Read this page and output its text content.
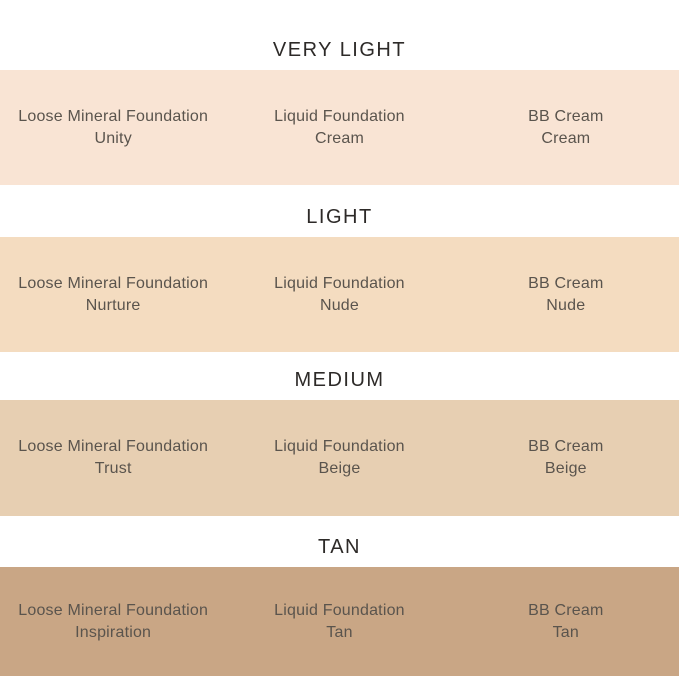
VERY LIGHT
Loose Mineral Foundation
Unity
Liquid Foundation
Cream
BB Cream
Cream
LIGHT
Loose Mineral Foundation
Nurture
Liquid Foundation
Nude
BB Cream
Nude
MEDIUM
Loose Mineral Foundation
Trust
Liquid Foundation
Beige
BB Cream
Beige
TAN
Loose Mineral Foundation
Inspiration
Liquid Foundation
Tan
BB Cream
Tan
